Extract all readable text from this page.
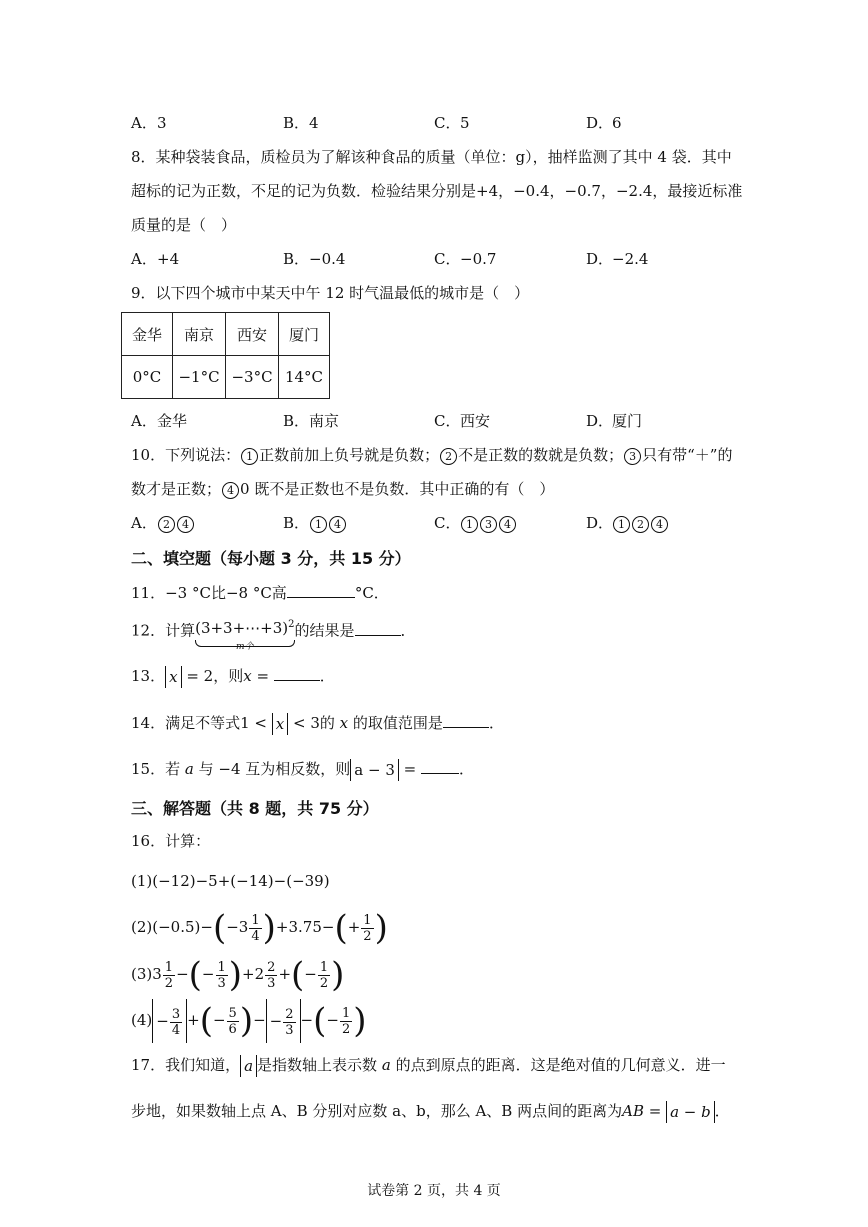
A．3	B．4	C．5	D．6
8．某种袋装食品，质检员为了解该种食品的质量（单位：g），抽样监测了其中 4 袋．其中
超标的记为正数，不足的记为负数．检验结果分别是+4，−0.4，−0.7，−2.4，最接近标准
质量的是（　）
A．+4	B．−0.4	C．−0.7	D．−2.4
9．以下四个城市中某天中午 12 时气温最低的城市是（　）
金华	南京	西安	厦门
0°C	−1°C	−3°C	14°C
A．金华	B．南京	C．西安	D．厦门
10．下列说法： 1 正数前加上负号就是负数； 2 不是正数的数就是负数； 3 只有带“＋”的
数才是正数； 4 0 既不是正数也不是负数．其中正确的有（　）
A． 2 4	B． 1 4	C． 1 3 4	D． 1 2 4
二、填空题（每小题 3 分，共 15 分）
11．−3 °C比−8 °C高	°C．
12．计算(3+3+⋯+3)$^2$
m个
的结果是	．
13． x = 2，则x =	．
14．满足不等式1 < x < 3的 x 的取值范围是	．
15．若 a 与 −4 互为相反数，则 a − 3 =	．
三、解答题（共 8 题，共 75 分）
16．计算：
(1)(−12)−5+(−14)−(−39)
$(2)(-0.5)-(-3 \frac{1}{4} )+3.75-(+ \frac{1}{2}$ )
$(3)3 \frac{1}{2}$ −(− $\frac{1}{3} )+2 \frac{2}{3}$ +(− $\frac{1}{2}$ )
$(4) - \frac{3}{4}$ +(− $\frac{5}{6}$ )− − $\frac{2}{3}$ −(− $\frac{1}{2}$ )
17．我们知道， a 是指数轴上表示数 a 的点到原点的距离．这是绝对值的几何意义．进一
步地，如果数轴上点 A、B 分别对应数 a、b，那么 A、B 两点间的距离为AB = a − b ．
试卷第 2 页，共 4 页
